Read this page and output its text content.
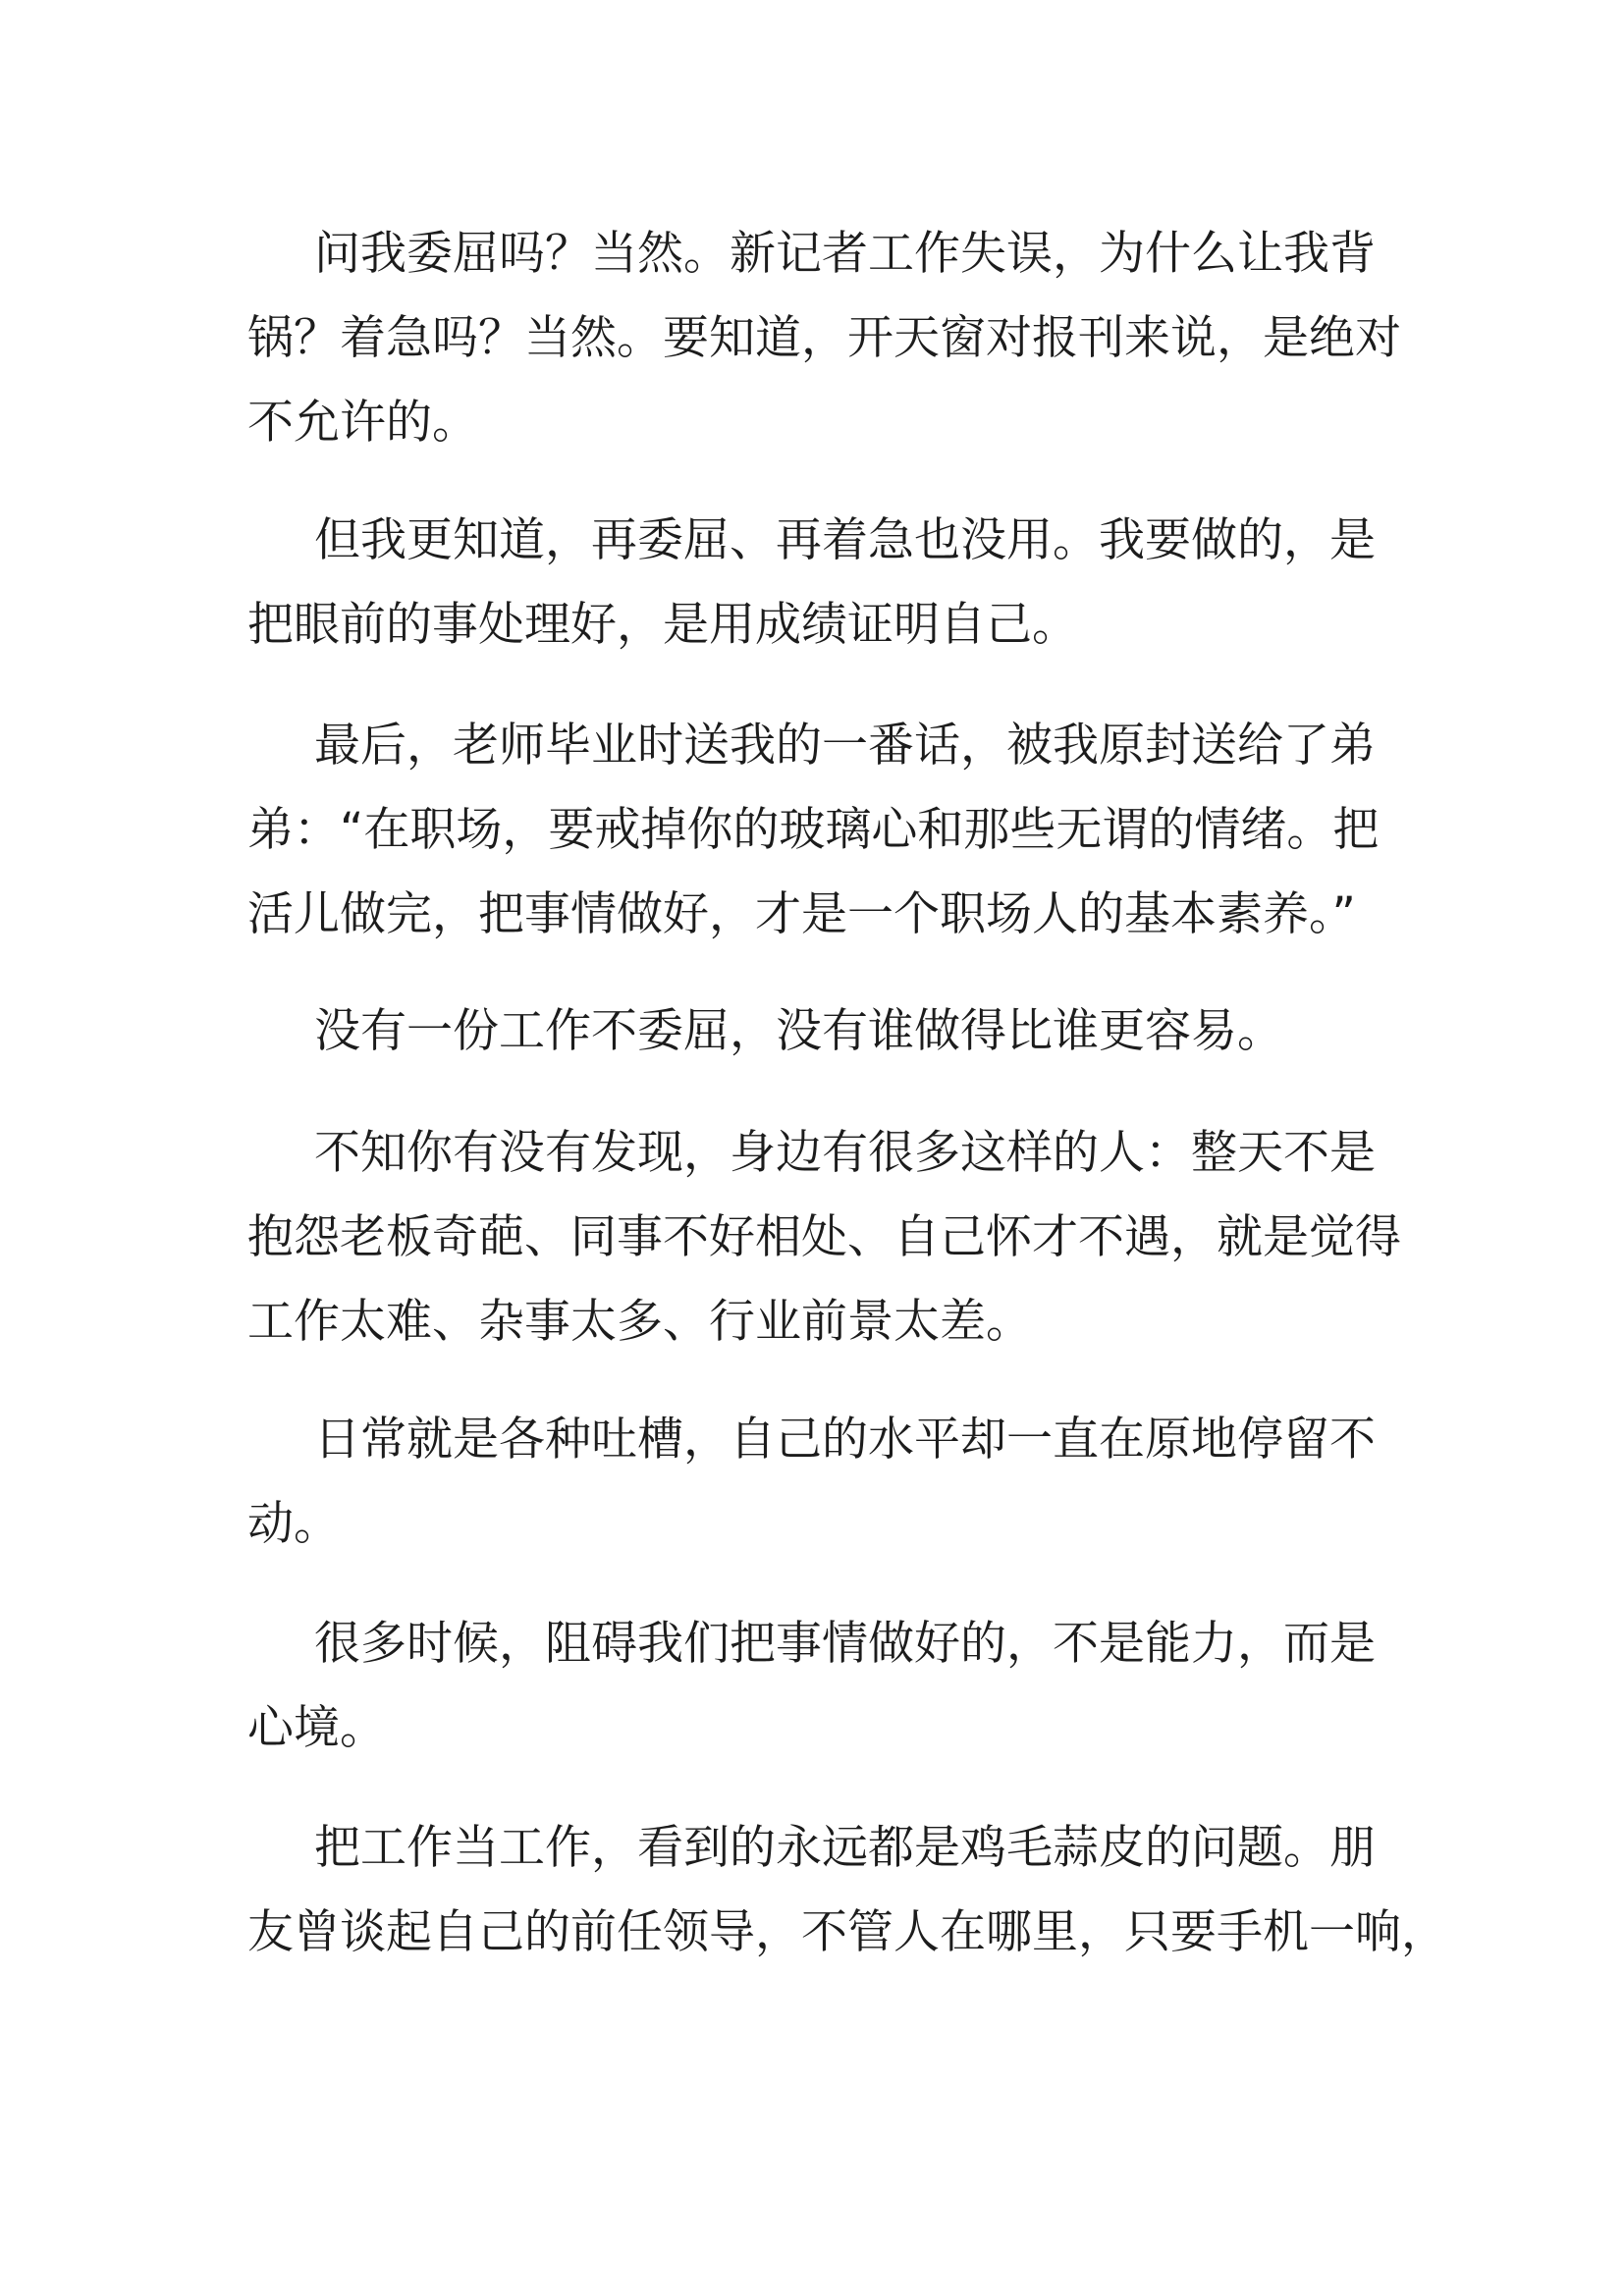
问我委屈吗？当然。新记者工作失误，为什么让我背
锅？着急吗？当然。要知道，开天窗对报刊来说，是绝对
不允许的。

但我更知道，再委屈、再着急也没用。我要做的，是
把眼前的事处理好，是用成绩证明自己。

最后，老师毕业时送我的一番话，被我原封送给了弟
弟：“在职场，要戒掉你的玻璃心和那些无谓的情绪。把
活儿做完，把事情做好，才是一个职场人的基本素养。”

没有一份工作不委屈，没有谁做得比谁更容易。

不知你有没有发现，身边有很多这样的人：整天不是
抱怨老板奇葩、同事不好相处、自己怀才不遇，就是觉得
工作太难、杂事太多、行业前景太差。

日常就是各种吐槽，自己的水平却一直在原地停留不
动。

很多时候，阻碍我们把事情做好的，不是能力，而是
心境。

把工作当工作，看到的永远都是鸡毛蒜皮的问题。朋
友曾谈起自己的前任领导，不管人在哪里，只要手机一响，
